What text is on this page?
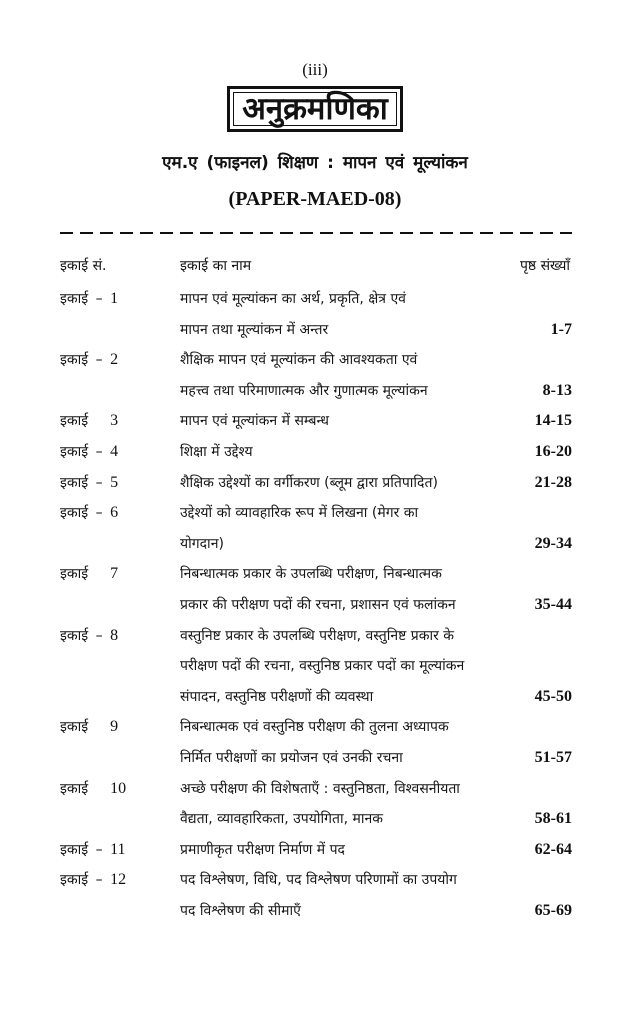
(iii)
अनुक्रमणिका
एम.ए (फाइनल) शिक्षण : मापन एवं मूल्यांकन
(PAPER-MAED-08)
इकाई सं.	इकाई का नाम	पृष्ठ संख्याँ
इकाई – 1	मापन एवं मूल्यांकन का अर्थ, प्रकृति, क्षेत्र एवं
मापन तथा मूल्यांकन में अन्तर	1-7
इकाई – 2	शैक्षिक मापन एवं मूल्यांकन की आवश्यकता एवं
महत्त्व तथा परिमाणात्मक और गुणात्मक मूल्यांकन	8-13
इकाई 3	मापन एवं मूल्यांकन में सम्बन्ध	14-15
इकाई – 4	शिक्षा में उद्देश्य	16-20
इकाई – 5	शैक्षिक उद्देश्यों का वर्गीकरण (ब्लूम द्वारा प्रतिपादित)	21-28
इकाई – 6	उद्देश्यों को व्यावहारिक रूप में लिखना (मेगर का
योगदान)	29-34
इकाई 7	निबन्धात्मक प्रकार के उपलब्धि परीक्षण, निबन्धात्मक
प्रकार की परीक्षण पदों की रचना, प्रशासन एवं फलांकन	35-44
इकाई – 8	वस्तुनिष्ट प्रकार के उपलब्धि परीक्षण, वस्तुनिष्ट प्रकार के
परीक्षण पदों की रचना, वस्तुनिष्ठ प्रकार पदों का मूल्यांकन
संपादन, वस्तुनिष्ठ परीक्षणों की व्यवस्था	45-50
इकाई 9	निबन्धात्मक एवं वस्तुनिष्ठ परीक्षण की तुलना अध्यापक
निर्मित परीक्षणों का प्रयोजन एवं उनकी रचना	51-57
इकाई 10	अच्छे परीक्षण की विशेषताएँ : वस्तुनिष्ठता, विश्वसनीयता
वैद्यता, व्यावहारिकता, उपयोगिता, मानक	58-61
इकाई – 11	प्रमाणीकृत परीक्षण निर्माण में पद	62-64
इकाई – 12	पद विश्लेषण, विधि, पद विश्लेषण परिणामों का उपयोग
पद विश्लेषण की सीमाएँ	65-69
